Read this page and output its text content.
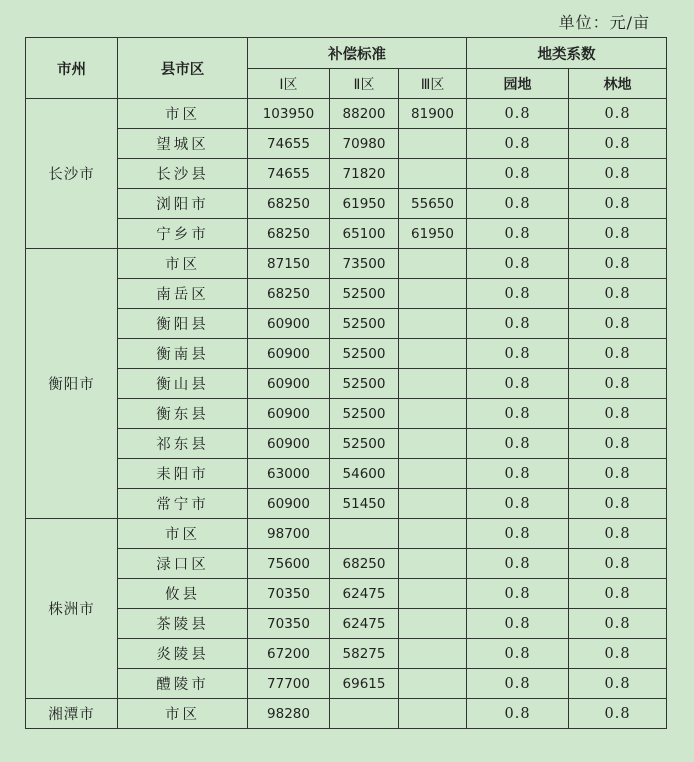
单位：元/亩
市州	县市区	补偿标准			地类系数	
		Ⅰ区	Ⅱ区	Ⅲ区	园地	林地
长沙市	市区	103950	88200	81900	0.8	0.8
	望城区	74655	70980		0.8	0.8
	长沙县	74655	71820		0.8	0.8
	浏阳市	68250	61950	55650	0.8	0.8
	宁乡市	68250	65100	61950	0.8	0.8
衡阳市	市区	87150	73500		0.8	0.8
	南岳区	68250	52500		0.8	0.8
	衡阳县	60900	52500		0.8	0.8
	衡南县	60900	52500		0.8	0.8
	衡山县	60900	52500		0.8	0.8
	衡东县	60900	52500		0.8	0.8
	祁东县	60900	52500		0.8	0.8
	耒阳市	63000	54600		0.8	0.8
	常宁市	60900	51450		0.8	0.8
株洲市	市区	98700			0.8	0.8
	渌口区	75600	68250		0.8	0.8
	攸县	70350	62475		0.8	0.8
	茶陵县	70350	62475		0.8	0.8
	炎陵县	67200	58275		0.8	0.8
	醴陵市	77700	69615		0.8	0.8
湘潭市	市区	98280			0.8	0.8
